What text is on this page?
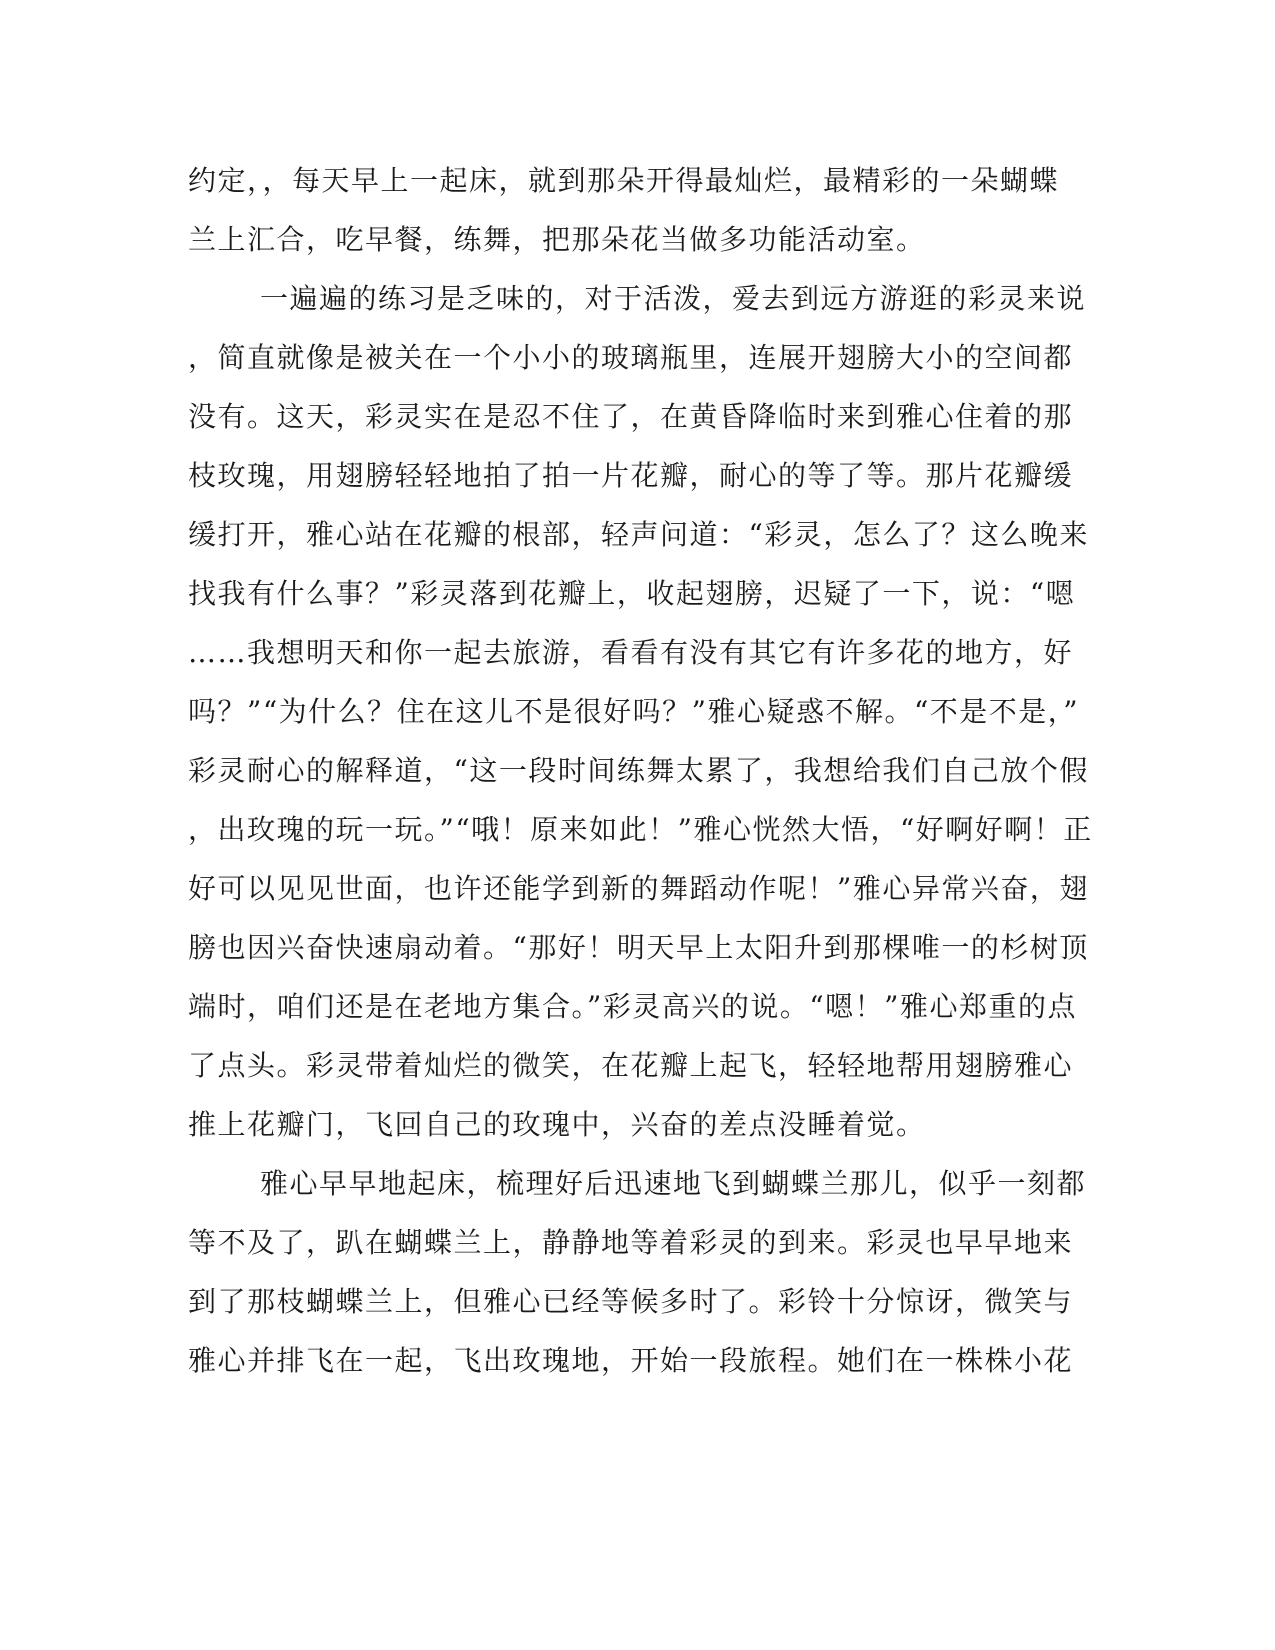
约定，，每天早上一起床，就到那朵开得最灿烂，最精彩的一朵蝴蝶
兰上汇合，吃早餐，练舞，把那朵花当做多功能活动室。
一遍遍的练习是乏味的，对于活泼，爱去到远方游逛的彩灵来说
，简直就像是被关在一个小小的玻璃瓶里，连展开翅膀大小的空间都
没有。这天，彩灵实在是忍不住了，在黄昏降临时来到雅心住着的那
枝玫瑰，用翅膀轻轻地拍了拍一片花瓣，耐心的等了等。那片花瓣缓
缓打开，雅心站在花瓣的根部，轻声问道：“彩灵，怎么了？这么晚来
找我有什么事？”彩灵落到花瓣上，收起翅膀，迟疑了一下，说：“嗯
……我想明天和你一起去旅游，看看有没有其它有许多花的地方，好
吗？”“为什么？住在这儿不是很好吗？”雅心疑惑不解。“不是不是，”
彩灵耐心的解释道，“这一段时间练舞太累了，我想给我们自己放个假
，出玫瑰的玩一玩。”“哦！原来如此！”雅心恍然大悟，“好啊好啊！正
好可以见见世面，也许还能学到新的舞蹈动作呢！”雅心异常兴奋，翅
膀也因兴奋快速扇动着。“那好！明天早上太阳升到那棵唯一的杉树顶
端时，咱们还是在老地方集合。”彩灵高兴的说。“嗯！”雅心郑重的点
了点头。彩灵带着灿烂的微笑，在花瓣上起飞，轻轻地帮用翅膀雅心
推上花瓣门，飞回自己的玫瑰中，兴奋的差点没睡着觉。
雅心早早地起床，梳理好后迅速地飞到蝴蝶兰那儿，似乎一刻都
等不及了，趴在蝴蝶兰上，静静地等着彩灵的到来。彩灵也早早地来
到了那枝蝴蝶兰上，但雅心已经等候多时了。彩铃十分惊讶，微笑与
雅心并排飞在一起，飞出玫瑰地，开始一段旅程。她们在一株株小花
